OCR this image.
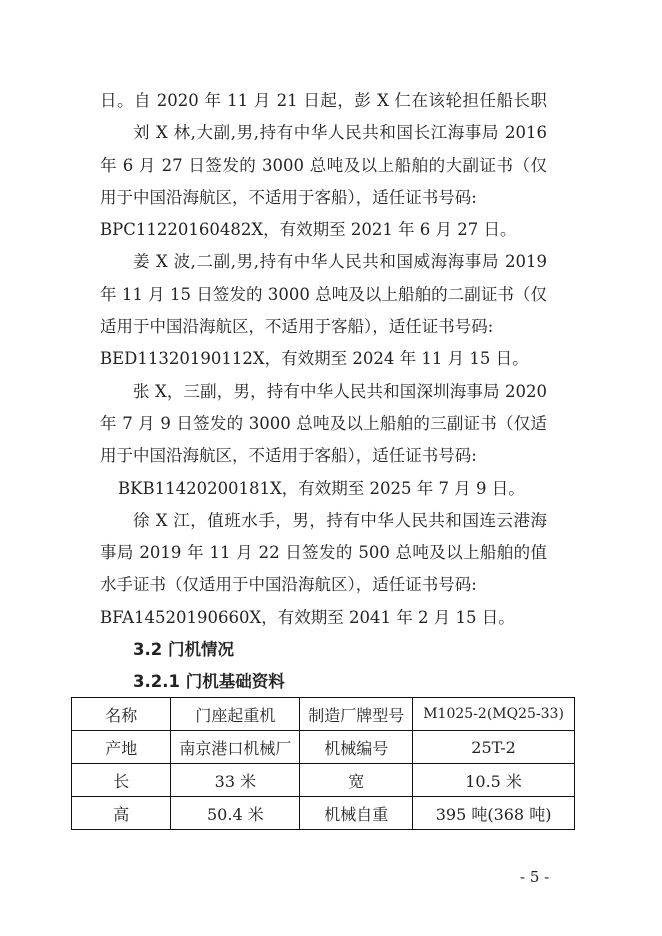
日。自 2020 年 11 月 21 日起，彭 X 仁在该轮担任船长职
刘 X 林,大副,男,持有中华人民共和国长江海事局 2016
年 6 月 27 日签发的 3000 总吨及以上船舶的大副证书（仅
用于中国沿海航区，不适用于客船），适任证书号码:
BPC11220160482X，有效期至 2021 年 6 月 27 日。
姜 X 波,二副,男,持有中华人民共和国威海海事局 2019
年 11 月 15 日签发的 3000 总吨及以上船舶的二副证书（仅
适用于中国沿海航区，不适用于客船），适任证书号码:
BED11320190112X，有效期至 2024 年 11 月 15 日。
张 X，三副，男，持有中华人民共和国深圳海事局 2020
年 7 月 9 日签发的 3000 总吨及以上船舶的三副证书（仅适
用于中国沿海航区，不适用于客船），适任证书号码:
BKB11420200181X，有效期至 2025 年 7 月 9 日。
徐 X 江，值班水手，男，持有中华人民共和国连云港海
事局 2019 年 11 月 22 日签发的 500 总吨及以上船舶的值
水手证书（仅适用于中国沿海航区），适任证书号码:
BFA14520190660X，有效期至 2041 年 2 月 15 日。
3.2 门机情况
3.2.1 门机基础资料
名称	门座起重机	制造厂牌型号	M1025-2(MQ25-33)
产地	南京港口机械厂	机械编号	25T-2
长	33 米	宽	10.5 米
高	50.4 米	机械自重	395 吨(368 吨)
- 5 -
